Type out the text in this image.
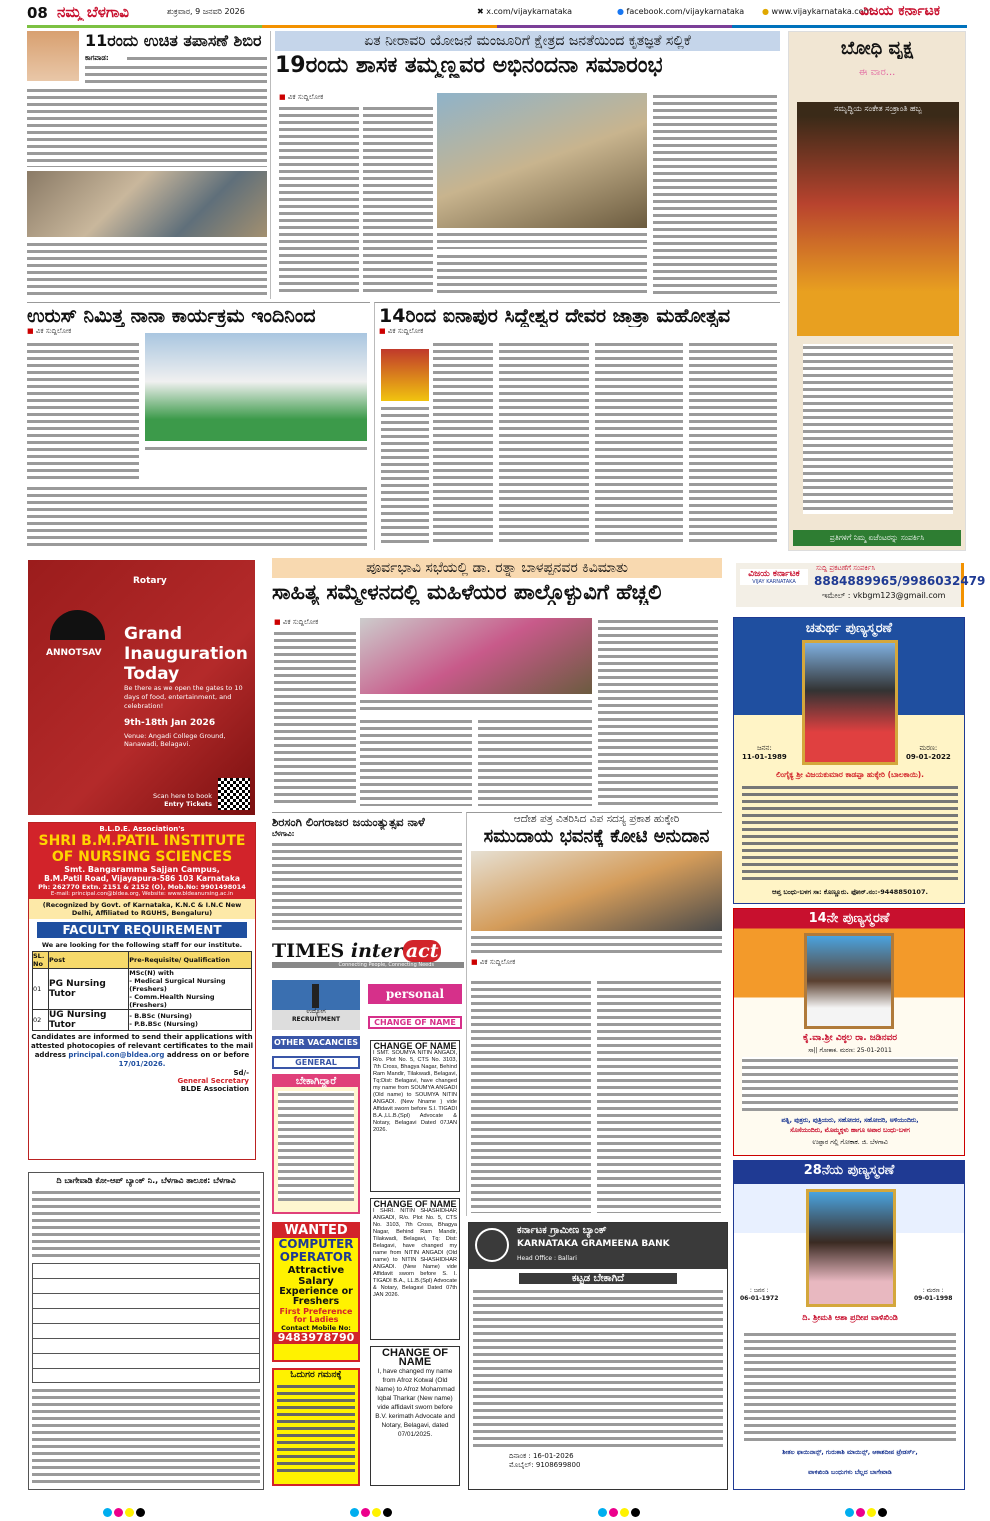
08 ನಮ್ಮ ಬೆಳಗಾವಿ	ಶುಕ್ರವಾರ, 9 ಜನವರಿ 2026	✖ x.com/vijaykarnataka	● facebook.com/vijaykarnataka ● www.vijaykarnataka.com
ವಿಜಯ ಕರ್ನಾಟಕ
11ರಂದು ಉಚಿತ ತಪಾಸಣೆ ಶಿಬಿರ
ಕಾಗವಾಡ:
ಏತ ನೀರಾವರಿ ಯೋಜನೆ ಮಂಜೂರಿಗೆ ಕ್ಷೇತ್ರದ ಜನತೆಯಿಂದ ಕೃತಜ್ಞತೆ ಸಲ್ಲಿಕೆ
19ರಂದು ಶಾಸಕ ತಮ್ಮಣ್ಣವರ ಅಭಿನಂದನಾ ಸಮಾರಂಭ
■ ವಿಕ ಸುದ್ದಿಲೋಕ
ಬೋಧಿ ವೃಕ್ಷ
ಈ ವಾರ...
ಸಮೃದ್ಧಿಯ ಸಂಕೇತ ಸಂಕ್ರಾಂತಿ ಹಬ್ಬ
ಪ್ರತಿಗಳಿಗೆ ನಿಮ್ಮ ಏಜೆಂಟರನ್ನು ಸಂಪರ್ಕಿಸಿ
ಉರುಸ್ ನಿಮಿತ್ತ ನಾನಾ ಕಾರ್ಯಕ್ರಮ ಇಂದಿನಿಂದ
■ ವಿಕ ಸುದ್ದಿಲೋಕ
14ರಿಂದ ಐನಾಪುರ ಸಿದ್ದೇಶ್ವರ ದೇವರ ಜಾತ್ರಾ ಮಹೋತ್ಸವ
■ ವಿಕ ಸುದ್ದಿಲೋಕ
Rotary
ANNOTSAV
Grand
Inauguration
Today
Be there as we open the gates to 10 days of food, entertainment, and celebration!
9th-18th Jan 2026
Venue: Angadi College Ground, Nanawadi, Belagavi.
Scan here to book
Entry Tickets
B.L.D.E. Association's
SHRI B.M.PATIL INSTITUTE
OF NURSING SCIENCES
Smt. Bangaramma Sajjan Campus,
B.M.Patil Road, Vijayapura-586 103 Karnataka
Ph: 262770 Extn. 2151 & 2152 (O), Mob.No: 9901498014
E-mail: principal.con@bldea.org, Website: www.bldeanursing.ac.in
(Recognized by Govt. of Karnataka, K.N.C & I.N.C New Delhi, Affiliated to RGUHS, Bengaluru)
FACULTY REQUIREMENT
We are looking for the following staff for our institute.
SL. No	Post	Pre-Requisite/ Qualification
01	PG Nursing Tutor	MSc(N) with
- Medical Surgical Nursing (Freshers)
- Comm.Health Nursing (Freshers)
02	UG Nursing Tutor	- B.BSc (Nursing)
- P.B.BSc (Nursing)
Candidates are informed to send their applications with attested photocopies of relevant certificates to the mail address principal.con@bldea.org address on or before 17/01/2026.
Sd/-
General Secretary
BLDE Association
ದಿ ಬಾಗೇವಾಡಿ ಕೋ-ಆಪ್ ಬ್ಯಾಂಕ್ ನಿ., ಬೆಳಗಾವಿ ತಾಲೂಕ: ಬೆಳಗಾವಿ
ಪೂರ್ವಭಾವಿ ಸಭೆಯಲ್ಲಿ ಡಾ. ರತ್ನಾ ಬಾಳಪ್ಪನವರ ಕಿವಿಮಾತು
ಸಾಹಿತ್ಯ ಸಮ್ಮೇಳನದಲ್ಲಿ ಮಹಿಳೆಯರ ಪಾಲ್ಗೊಳ್ಳುವಿಗೆ ಹೆಚ್ಚಲಿ
■ ವಿಕ ಸುದ್ದಿಲೋಕ
ಶಿರಸಂಗಿ ಲಿಂಗರಾಜರ ಜಯಂತ್ಯುತ್ಸವ ನಾಳೆ
ಬೆಳಗಾವಿ:
ಆದೇಶ ಪತ್ರ ವಿತರಿಸಿದ ವಿಪ ಸದಸ್ಯ ಪ್ರಕಾಶ ಹುಕ್ಕೇರಿ
ಸಮುದಾಯ ಭವನಕ್ಕೆ ಕೋಟಿ ಅನುದಾನ
■ ವಿಕ ಸುದ್ದಿಲೋಕ
TIMES inter act
Connecting People, Connecting Needs
ಉದ್ಯೋಗ
RECRUITMENT
OTHER VACANCIES
GENERAL
ಬೇಕಾಗಿದ್ದಾರೆ
WANTED
COMPUTER
OPERATOR
Attractive Salary
Experience or Freshers
First Preference for Ladies
Contact Mobile No:
9483978790
ಓದುಗರ ಗಮನಕ್ಕೆ
personal
CHANGE OF NAME
CHANGE OF NAME
I SMT. SOUMYA NITIN ANGADI, R/o. Plot No. 5, CTS No. 3103, 7th Cross, Bhagya Nagar, Behind Ram Mandir, Tilakwadi, Belagavi, Tq:Dist: Belagavi, have changed my name from SOUMYA ANGADI (Old name) to SOUMYA NITIN ANGADI. (New Nname ) vide Affidavit sworn before S.I. TIGADI B.A.,LL.B.(Spl) Advocate & Notary, Belagavi Dated 07JAN 2026.
CHANGE OF NAME
I SHRI. NITIN SHASHIDHAR ANGADI, R/o. Plot No. 5, CTS No. 3103, 7th Cross, Bhagya Nagar, Behind Ram Mandir, Tilakwadi, Belagavi, Tq: Dist: Belagavi, have changed my name from NITIN ANGADI (Old name) to NITIN SHASHIDHAR ANGADI. (New Name) vide Affidavit sworn before S. I. TIGADI B.A., LL.B.(Spl) Advocate & Notary, Belagavi Dated 07th JAN 2026.
CHANGE OF NAME
I, have changed my name from Afroz Kotwal (Old Name) to Afroz Mohammad Iqbal Tharkar (New name) vide affidavit sworn before B.V. kerimath Advocate and Notary, Belagavi, dated 07/01/2025.
ಕರ್ನಾಟಕ ಗ್ರಾಮೀಣ ಬ್ಯಾಂಕ್
KARNATAKA GRAMEENA BANK
Head Office : Ballari
ಕಟ್ಟಡ ಬೇಕಾಗಿದೆ
ದಿನಾಂಕ : 16-01-2026
ಮೊಬೈಲ್: 9108699800
ವಿಜಯ ಕರ್ನಾಟಕ
VIJAY KARNATAKA
ಸುದ್ದಿ ಪ್ರಕಟಣೆಗೆ ಸಂಪರ್ಕಿಸಿ
8884889965/9986032479
ಇಮೇಲ್ : vkbgm123@gmail.com
ಚತುರ್ಥ ಪುಣ್ಯಸ್ಮರಣೆ
ಜನನ:
11-01-1989
ಮರಣ:
09-01-2022
ಲಿಂಗೈಕ್ಯ ಶ್ರೀ ವಿಜಯಕುಮಾರ ಕಾಡಪ್ಪಾ ಹುಕ್ಕೇರಿ (ಬಾಲಕಾಯಿ).
ಆಪ್ತ ಬಂಧು-ಬಳಗ ಸಾ: ಕೊಣ್ಣೂರು. ಫೋನ್.ನಂ:-9448850107.
14ನೇ ಪುಣ್ಯಸ್ಮರಣೆ
ಕೈ.ವಾ.ಶ್ರೀ ವಿಠ್ಠಲ ರಾ. ಜಡಿನವರ
ಸಾ|| ಗೋಕಾಕ. ಮರಣ: 25-01-2011
ಪತ್ನಿ, ಪುತ್ರರು, ಪುತ್ರಿಯರು, ಸಹೋದರ, ಸಹೋದರಿ, ಅಳಿಯಂದಿರು,
ಸೊಸೆಯಂದಿರು, ಮೊಮ್ಮಕ್ಕಳು ಹಾಗೂ ಅಪಾರ ಬಂಧು-ಬಳಗ
ಉಪ್ಪಾರ ಗಲ್ಲಿ ಗೋಕಾಕ. ಜಿ. ಬೆಳಗಾವಿ
28ನೆಯ ಪುಣ್ಯಸ್ಮರಣೆ
: ಜನನ :
06-01-1972
: ಮರಣ :
09-01-1998
ದಿ. ಶ್ರೀಮತಿ ಆಶಾ ಪ್ರದೀಪ ವಾಳಿಖಿಂಡಿ
ಶೀತಲ ಫಾಯಿನಾನ್ಸ್, ಗುರುಕಾಶಿ ಮಾಯಿನ್ಸ್, ಆಕಾಶದೀಪ ಟ್ರೇಡರ್ಸ್,
ವಾಳಿಖಿಂಡಿ ಬಂಧುಗಳು ಬೆಲ್ಲದ ಬಾಗೇವಾಡಿ
